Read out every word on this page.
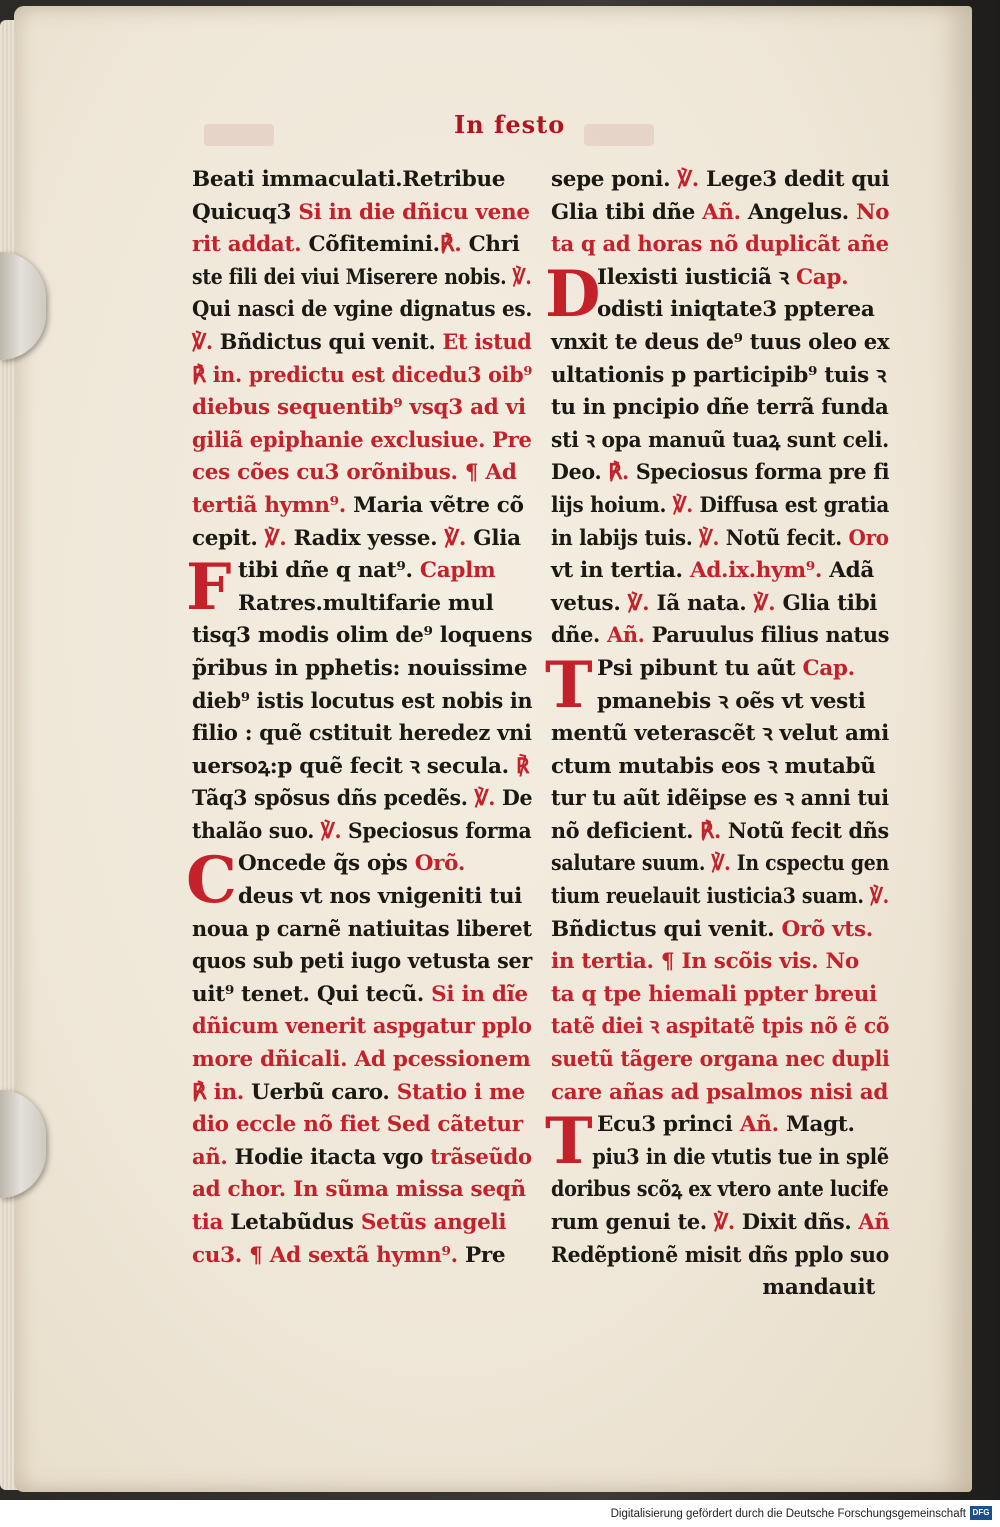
In festo
Beati immaculati.Retribue
Quicuq3 Si in die dñicu vene
rit addat. Cõfitemini.℟. Chri
ste fili dei viui Miserere nobis. ℣.
Qui nasci de vgine dignatus es.
℣. Bñdictus qui venit. Et istud
℟ in. predictu est dicedu3 oib⁹
diebus sequentib⁹ vsq3 ad vi
giliã epiphanie exclusiue. Pre
ces cões cu3 orõnibus. ¶ Ad
tertiã hymn⁹. Maria vẽtre cõ
cepit. ℣. Radix yesse. ℣. Glia
F tibi dñe q nat⁹. Caplm
Ratres.multifarie mul
tisq3 modis olim de⁹ loquens
p̃ribus in pphetis: nouissime
dieb⁹ istis locutus est nobis in
filio : quẽ cstituit heredez vni
uersoꝝ:p quẽ fecit ꝛ secula. ℟
Tãq3 spõsus dñs pcedẽs. ℣. De
thalão suo. ℣. Speciosus forma
C Oncede q̃s oṗs Orõ.
deus vt nos vnigeniti tui
noua p carnẽ natiuitas liberet
quos sub peti iugo vetusta ser
uit⁹ tenet. Qui tecũ. Si in dĩe
dñicum venerit aspgatur pplo
more dñicali. Ad pcessionem
℟ in. Uerbũ caro. Statio i me
dio eccle nõ fiet Sed cãtetur
añ. Hodie itacta vgo trãseũdo
ad chor. In sũma missa seqñ
tia Letabũdus Setũs angeli
cu3. ¶ Ad sextã hymn⁹. Pre
sepe poni. ℣. Lege3 dedit qui
Glia tibi dñe Añ. Angelus. No
ta q ad horas nõ duplicãt añe
D
Ilexisti iusticiã ꝛ Cap.
odisti iniqtate3 ppterea
vnxit te deus de⁹ tuus oleo ex
ultationis p participib⁹ tuis ꝛ
tu in pncipio dñe terrã funda
sti ꝛ opa manuũ tuaꝝ sunt celi.
Deo. ℟. Speciosus forma pre fi
lijs hoium. ℣. Diffusa est gratia
in labijs tuis. ℣. Notũ fecit. Oro
vt in tertia. Ad.ix.hym⁹. Adã
vetus. ℣. Iã nata. ℣. Glia tibi
dñe. Añ. Paruulus filius natus
T Psi pibunt tu aũt Cap.
pmanebis ꝛ oẽs vt vesti
mentũ veterascẽt ꝛ velut ami
ctum mutabis eos ꝛ mutabũ
tur tu aũt idẽipse es ꝛ anni tui
nõ deficient. ℟. Notũ fecit dñs
salutare suum. ℣. In cspectu gen
tium reuelauit iusticia3 suam. ℣.
Bñdictus qui venit. Orõ vts.
in tertia. ¶ In scõis vis. No
ta q tpe hiemali ppter breui
tatẽ diei ꝛ aspitatẽ tpis nõ ẽ cõ
suetũ tãgere organa nec dupli
care añas ad psalmos nisi ad
T Ecu3 princi Añ. Magt.
piu3 in die vtutis tue in splẽ
doribus scõꝝ ex vtero ante lucife
rum genui te. ℣. Dixit dñs. Añ
Redẽptionẽ misit dñs pplo suo
mandauit
Digitalisierung gefördert durch die Deutsche Forschungsgemeinschaft DFG
